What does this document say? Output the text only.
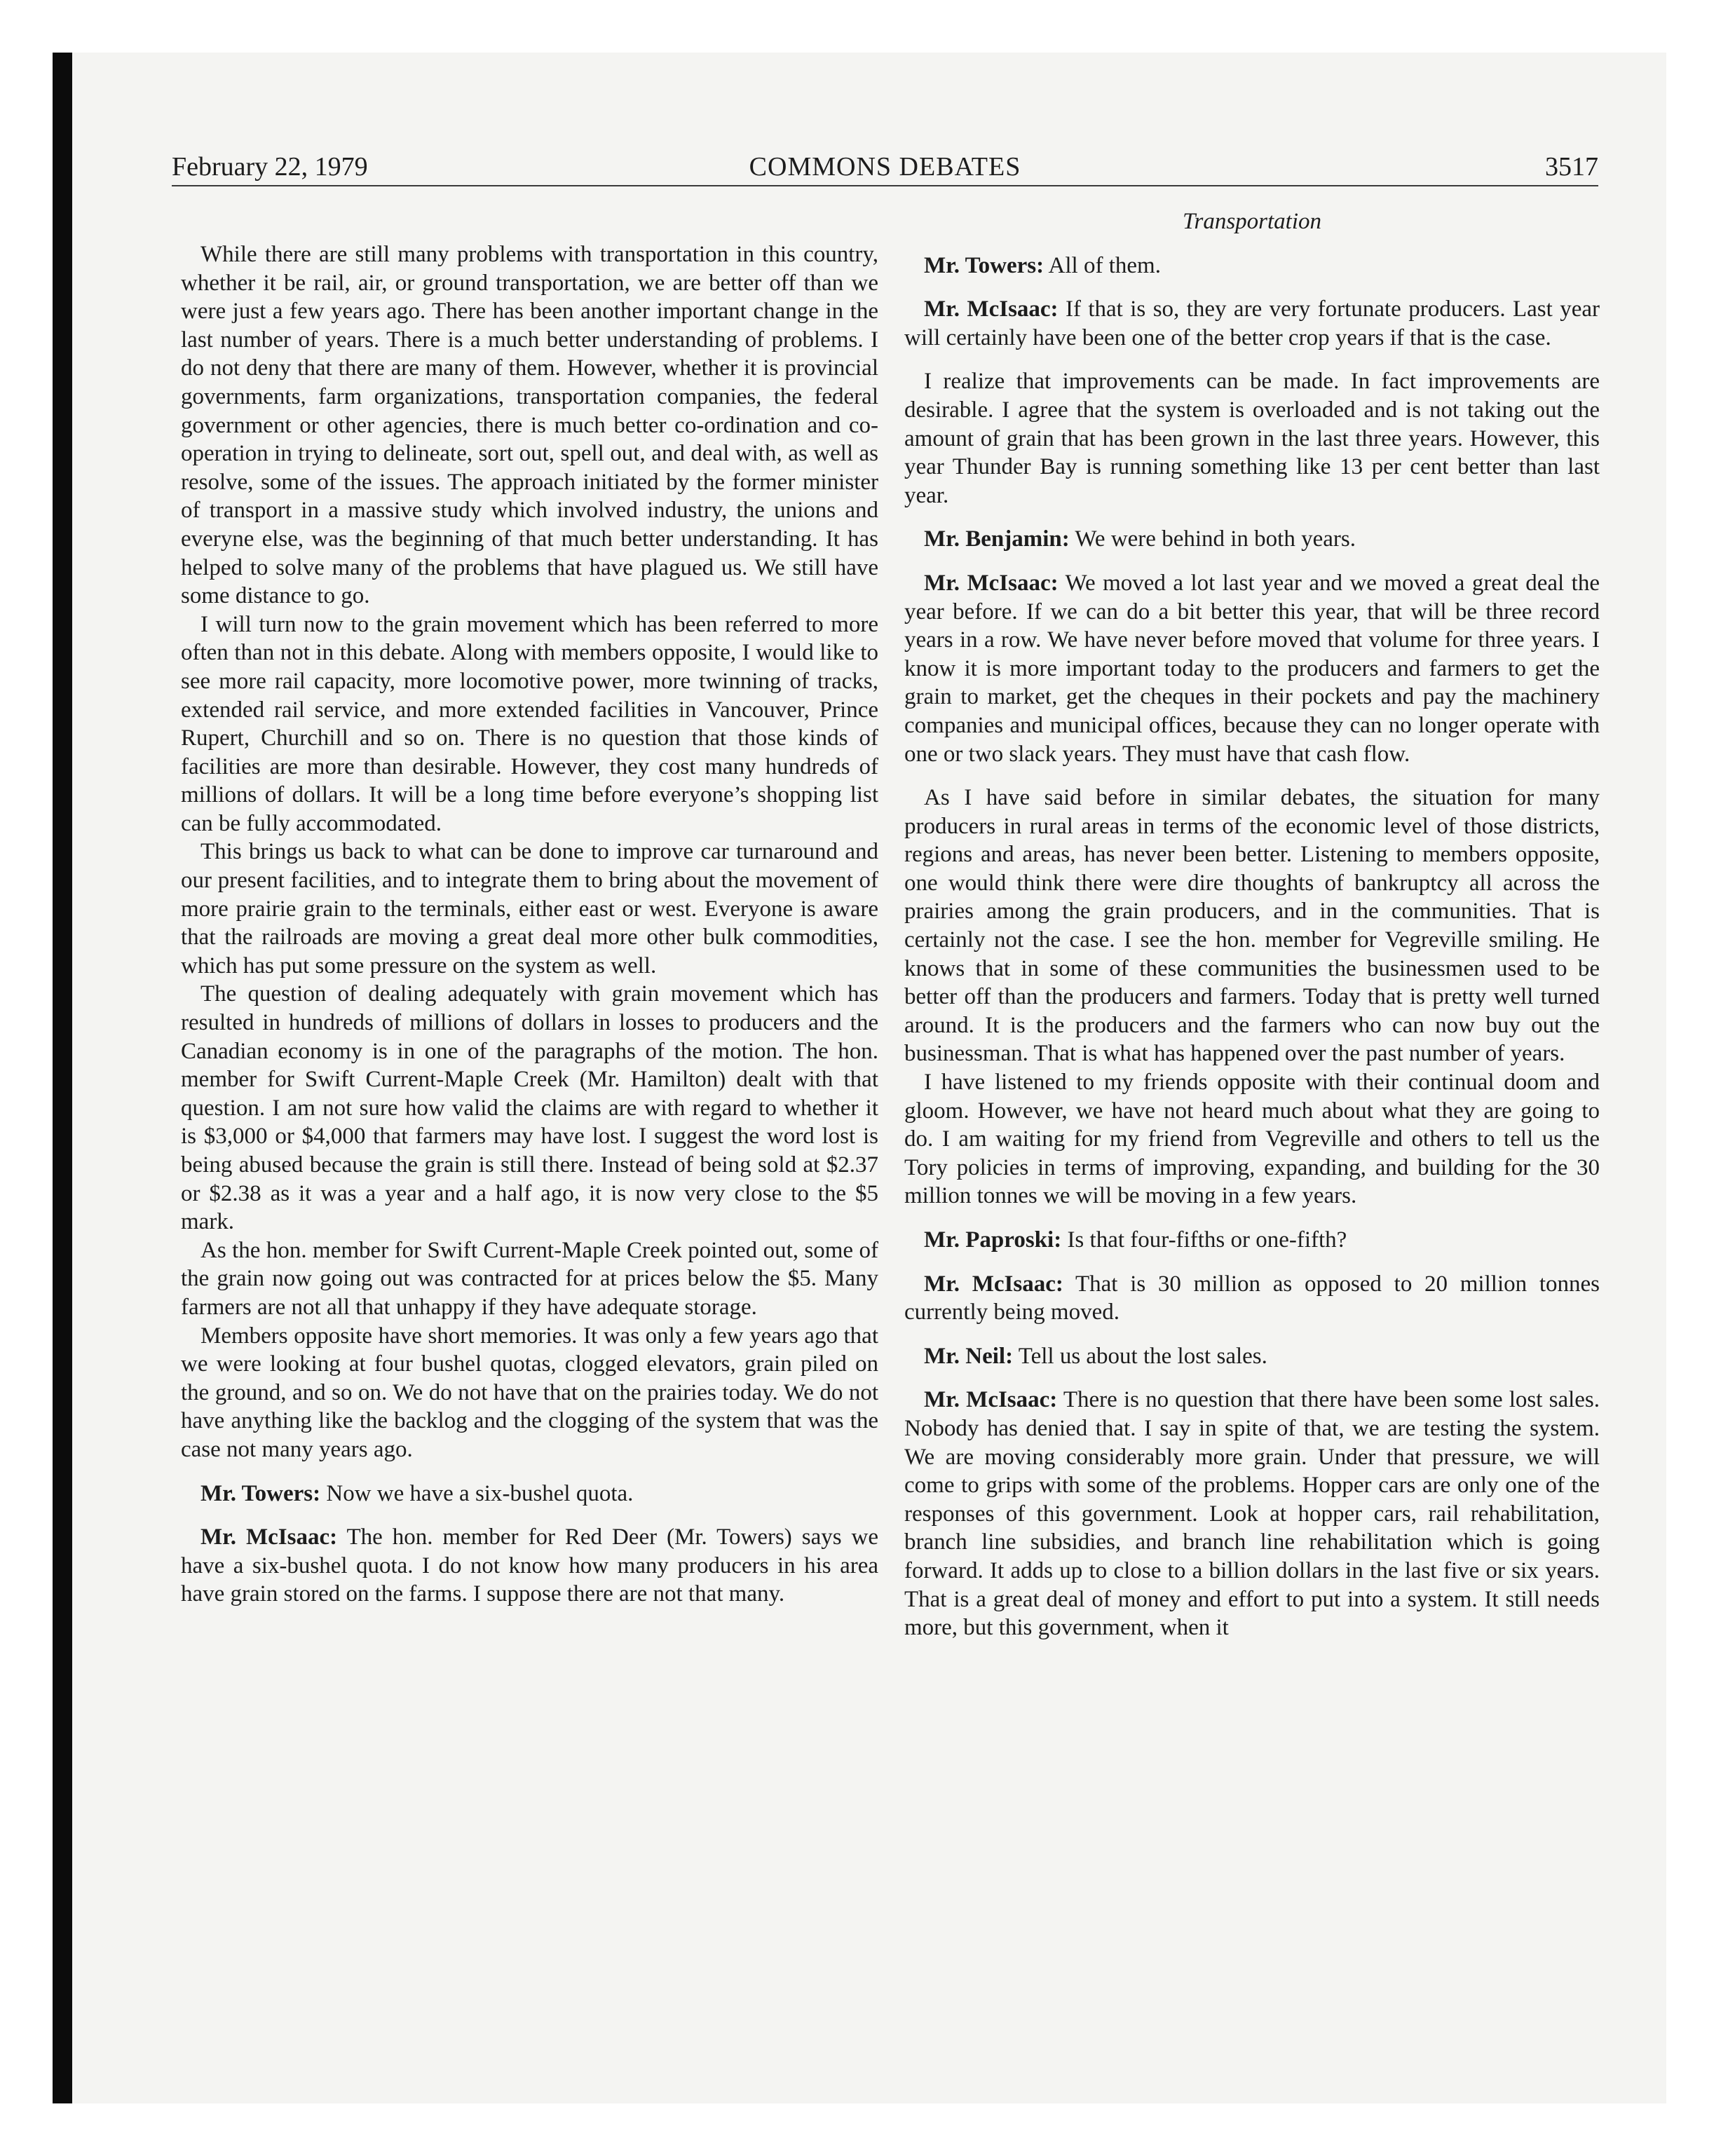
February 22, 1979	COMMONS DEBATES	3517

While there are still many problems with transportation in this country, whether it be rail, air, or ground transportation, we are better off than we were just a few years ago. There has been another important change in the last number of years. There is a much better understanding of problems. I do not deny that there are many of them. However, whether it is provincial governments, farm organizations, transportation companies, the federal government or other agencies, there is much better co-ordination and co-operation in trying to delineate, sort out, spell out, and deal with, as well as resolve, some of the issues. The approach initiated by the former minister of transport in a massive study which involved industry, the unions and everyne else, was the beginning of that much better understanding. It has helped to solve many of the problems that have plagued us. We still have some distance to go.

I will turn now to the grain movement which has been referred to more often than not in this debate. Along with members opposite, I would like to see more rail capacity, more locomotive power, more twinning of tracks, extended rail service, and more extended facilities in Vancouver, Prince Rupert, Churchill and so on. There is no question that those kinds of facilities are more than desirable. However, they cost many hundreds of millions of dollars. It will be a long time before everyone’s shopping list can be fully accommodated.

This brings us back to what can be done to improve car turnaround and our present facilities, and to integrate them to bring about the movement of more prairie grain to the terminals, either east or west. Everyone is aware that the railroads are moving a great deal more other bulk commodities, which has put some pressure on the system as well.

The question of dealing adequately with grain movement which has resulted in hundreds of millions of dollars in losses to producers and the Canadian economy is in one of the paragraphs of the motion. The hon. member for Swift Current-Maple Creek (Mr. Hamilton) dealt with that question. I am not sure how valid the claims are with regard to whether it is $3,000 or $4,000 that farmers may have lost. I suggest the word lost is being abused because the grain is still there. Instead of being sold at $2.37 or $2.38 as it was a year and a half ago, it is now very close to the $5 mark.

As the hon. member for Swift Current-Maple Creek pointed out, some of the grain now going out was contracted for at prices below the $5. Many farmers are not all that unhappy if they have adequate storage.

Members opposite have short memories. It was only a few years ago that we were looking at four bushel quotas, clogged elevators, grain piled on the ground, and so on. We do not have that on the prairies today. We do not have anything like the backlog and the clogging of the system that was the case not many years ago.

Mr. Towers: Now we have a six-bushel quota.

Mr. McIsaac: The hon. member for Red Deer (Mr. Towers) says we have a six-bushel quota. I do not know how many producers in his area have grain stored on the farms. I suppose there are not that many.

Transportation

Mr. Towers: All of them.

Mr. McIsaac: If that is so, they are very fortunate producers. Last year will certainly have been one of the better crop years if that is the case.

I realize that improvements can be made. In fact improvements are desirable. I agree that the system is overloaded and is not taking out the amount of grain that has been grown in the last three years. However, this year Thunder Bay is running something like 13 per cent better than last year.

Mr. Benjamin: We were behind in both years.

Mr. McIsaac: We moved a lot last year and we moved a great deal the year before. If we can do a bit better this year, that will be three record years in a row. We have never before moved that volume for three years. I know it is more important today to the producers and farmers to get the grain to market, get the cheques in their pockets and pay the machinery companies and municipal offices, because they can no longer operate with one or two slack years. They must have that cash flow.

As I have said before in similar debates, the situation for many producers in rural areas in terms of the economic level of those districts, regions and areas, has never been better. Listening to members opposite, one would think there were dire thoughts of bankruptcy all across the prairies among the grain producers, and in the communities. That is certainly not the case. I see the hon. member for Vegreville smiling. He knows that in some of these communities the businessmen used to be better off than the producers and farmers. Today that is pretty well turned around. It is the producers and the farmers who can now buy out the businessman. That is what has happened over the past number of years.

I have listened to my friends opposite with their continual doom and gloom. However, we have not heard much about what they are going to do. I am waiting for my friend from Vegreville and others to tell us the Tory policies in terms of improving, expanding, and building for the 30 million tonnes we will be moving in a few years.

Mr. Paproski: Is that four-fifths or one-fifth?

Mr. McIsaac: That is 30 million as opposed to 20 million tonnes currently being moved.

Mr. Neil: Tell us about the lost sales.

Mr. McIsaac: There is no question that there have been some lost sales. Nobody has denied that. I say in spite of that, we are testing the system. We are moving considerably more grain. Under that pressure, we will come to grips with some of the problems. Hopper cars are only one of the responses of this government. Look at hopper cars, rail rehabilitation, branch line subsidies, and branch line rehabilitation which is going forward. It adds up to close to a billion dollars in the last five or six years. That is a great deal of money and effort to put into a system. It still needs more, but this government, when it
